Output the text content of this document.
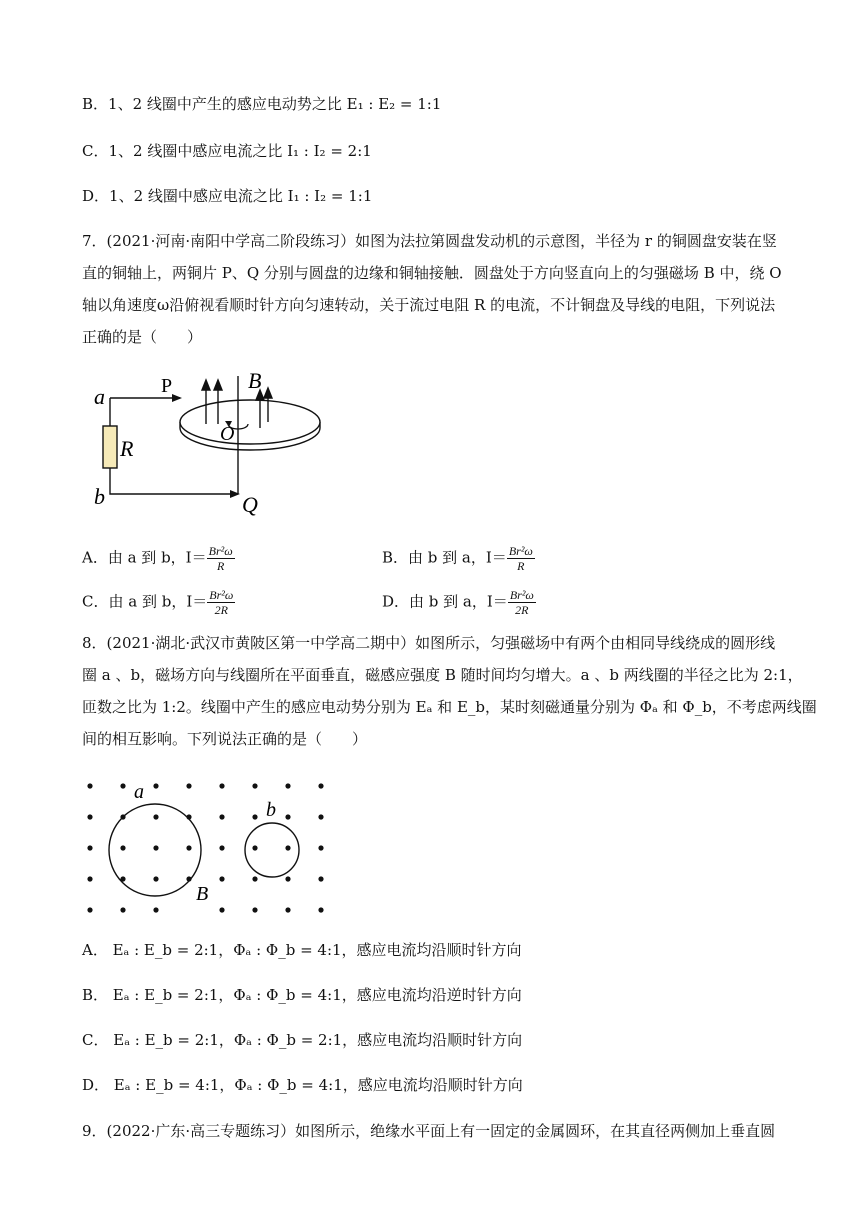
B．1、2 线圈中产生的感应电动势之比 E₁ : E₂ = 1:1
C．1、2 线圈中感应电流之比 I₁ : I₂ = 2:1
D．1、2 线圈中感应电流之比 I₁ : I₂ = 1:1
7．(2021·河南·南阳中学高二阶段练习）如图为法拉第圆盘发动机的示意图，半径为 r 的铜圆盘安装在竖
直的铜轴上，两铜片 P、Q 分别与圆盘的边缘和铜轴接触．圆盘处于方向竖直向上的匀强磁场 B 中，绕 O
轴以角速度ω沿俯视看顺时针方向匀速转动，关于流过电阻 R 的电流，不计铜盘及导线的电阻，下列说法
正确的是（　　）
B
P
O
a
R
b	Q
A．由 a 到 b，$I= \frac{\text{Br²ω}}{R}$	B．由 b 到 a，$I= \frac{\text{Br²ω}}{R}$
C．由 a 到 b，$I= \frac{\text{Br²ω}}{2R}$	D．由 b 到 a，$I= \frac{\text{Br²ω}}{2R}$
8．(2021·湖北·武汉市黄陂区第一中学高二期中）如图所示，匀强磁场中有两个由相同导线绕成的圆形线
圈 a 、b，磁场方向与线圈所在平面垂直，磁感应强度 B 随时间均匀增大。a 、b 两线圈的半径之比为 2:1，
匝数之比为 1:2。线圈中产生的感应电动势分别为 Eₐ 和 E_b，某时刻磁通量分别为 Φₐ 和 Φ_b，不考虑两线圈
间的相互影响。下列说法正确的是（　　）
a
b
B
A． Eₐ : E_b = 2:1，Φₐ : Φ_b = 4:1，感应电流均沿顺时针方向
B． Eₐ : E_b = 2:1，Φₐ : Φ_b = 4:1，感应电流均沿逆时针方向
C． Eₐ : E_b = 2:1，Φₐ : Φ_b = 2:1，感应电流均沿顺时针方向
D． Eₐ : E_b = 4:1，Φₐ : Φ_b = 4:1，感应电流均沿顺时针方向
9．(2022·广东·高三专题练习）如图所示，绝缘水平面上有一固定的金属圆环，在其直径两侧加上垂直圆
